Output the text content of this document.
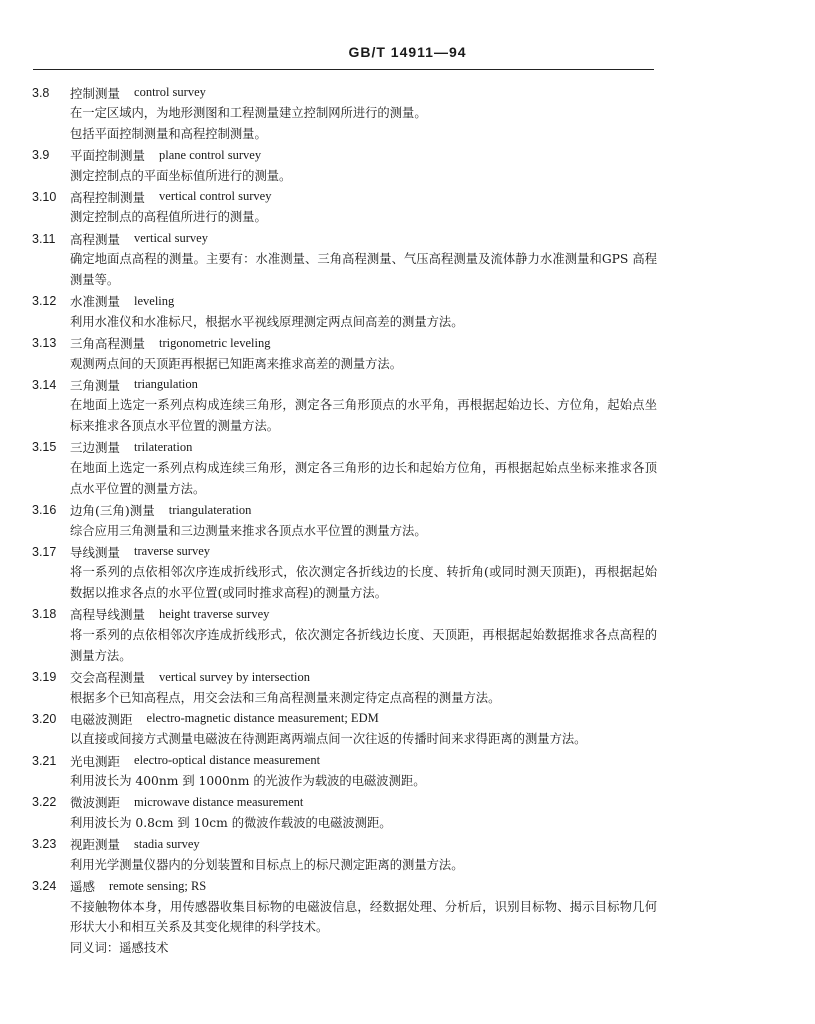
GB/T 14911—94
3.8	控制测量 control survey

在一定区域内，为地形测图和工程测量建立控制网所进行的测量。

包括平面控制测量和高程控制测量。

3.9	平面控制测量 plane control survey

测定控制点的平面坐标值所进行的测量。

3.10	高程控制测量 vertical control survey

测定控制点的高程值所进行的测量。

3.11	高程测量 vertical survey

确定地面点高程的测量。主要有：水准测量、三角高程测量、气压高程测量及流体静力水准测量和GPS 高程测量等。

3.12	水准测量 leveling

利用水准仪和水准标尺，根据水平视线原理测定两点间高差的测量方法。

3.13	三角高程测量 trigonometric leveling

观测两点间的天顶距再根据已知距离来推求高差的测量方法。

3.14	三角测量 triangulation

在地面上选定一系列点构成连续三角形，测定各三角形顶点的水平角，再根据起始边长、方位角，起始点坐标来推求各顶点水平位置的测量方法。

3.15	三边测量 trilateration

在地面上选定一系列点构成连续三角形，测定各三角形的边长和起始方位角，再根据起始点坐标来推求各顶点水平位置的测量方法。

3.16	边角(三角)测量 triangulateration

综合应用三角测量和三边测量来推求各顶点水平位置的测量方法。

3.17	导线测量 traverse survey

将一系列的点依相邻次序连成折线形式，依次测定各折线边的长度、转折角(或同时测天顶距)，再根据起始数据以推求各点的水平位置(或同时推求高程)的测量方法。

3.18	高程导线测量 height traverse survey

将一系列的点依相邻次序连成折线形式，依次测定各折线边长度、天顶距，再根据起始数据推求各点高程的测量方法。

3.19	交会高程测量 vertical survey by intersection

根据多个已知高程点，用交会法和三角高程测量来测定待定点高程的测量方法。

3.20	电磁波测距 electro-magnetic distance measurement; EDM

以直接或间接方式测量电磁波在待测距离两端点间一次往返的传播时间来求得距离的测量方法。

3.21	光电测距 electro-optical distance measurement

利用波长为 400nm 到 1000nm 的光波作为载波的电磁波测距。

3.22	微波测距 microwave distance measurement

利用波长为 0.8cm 到 10cm 的微波作载波的电磁波测距。

3.23	视距测量 stadia survey

利用光学测量仪器内的分划装置和目标点上的标尺测定距离的测量方法。

3.24	遥感 remote sensing; RS

不接触物体本身，用传感器收集目标物的电磁波信息，经数据处理、分析后，识别目标物、揭示目标物几何形状大小和相互关系及其变化规律的科学技术。

同义词：遥感技术
